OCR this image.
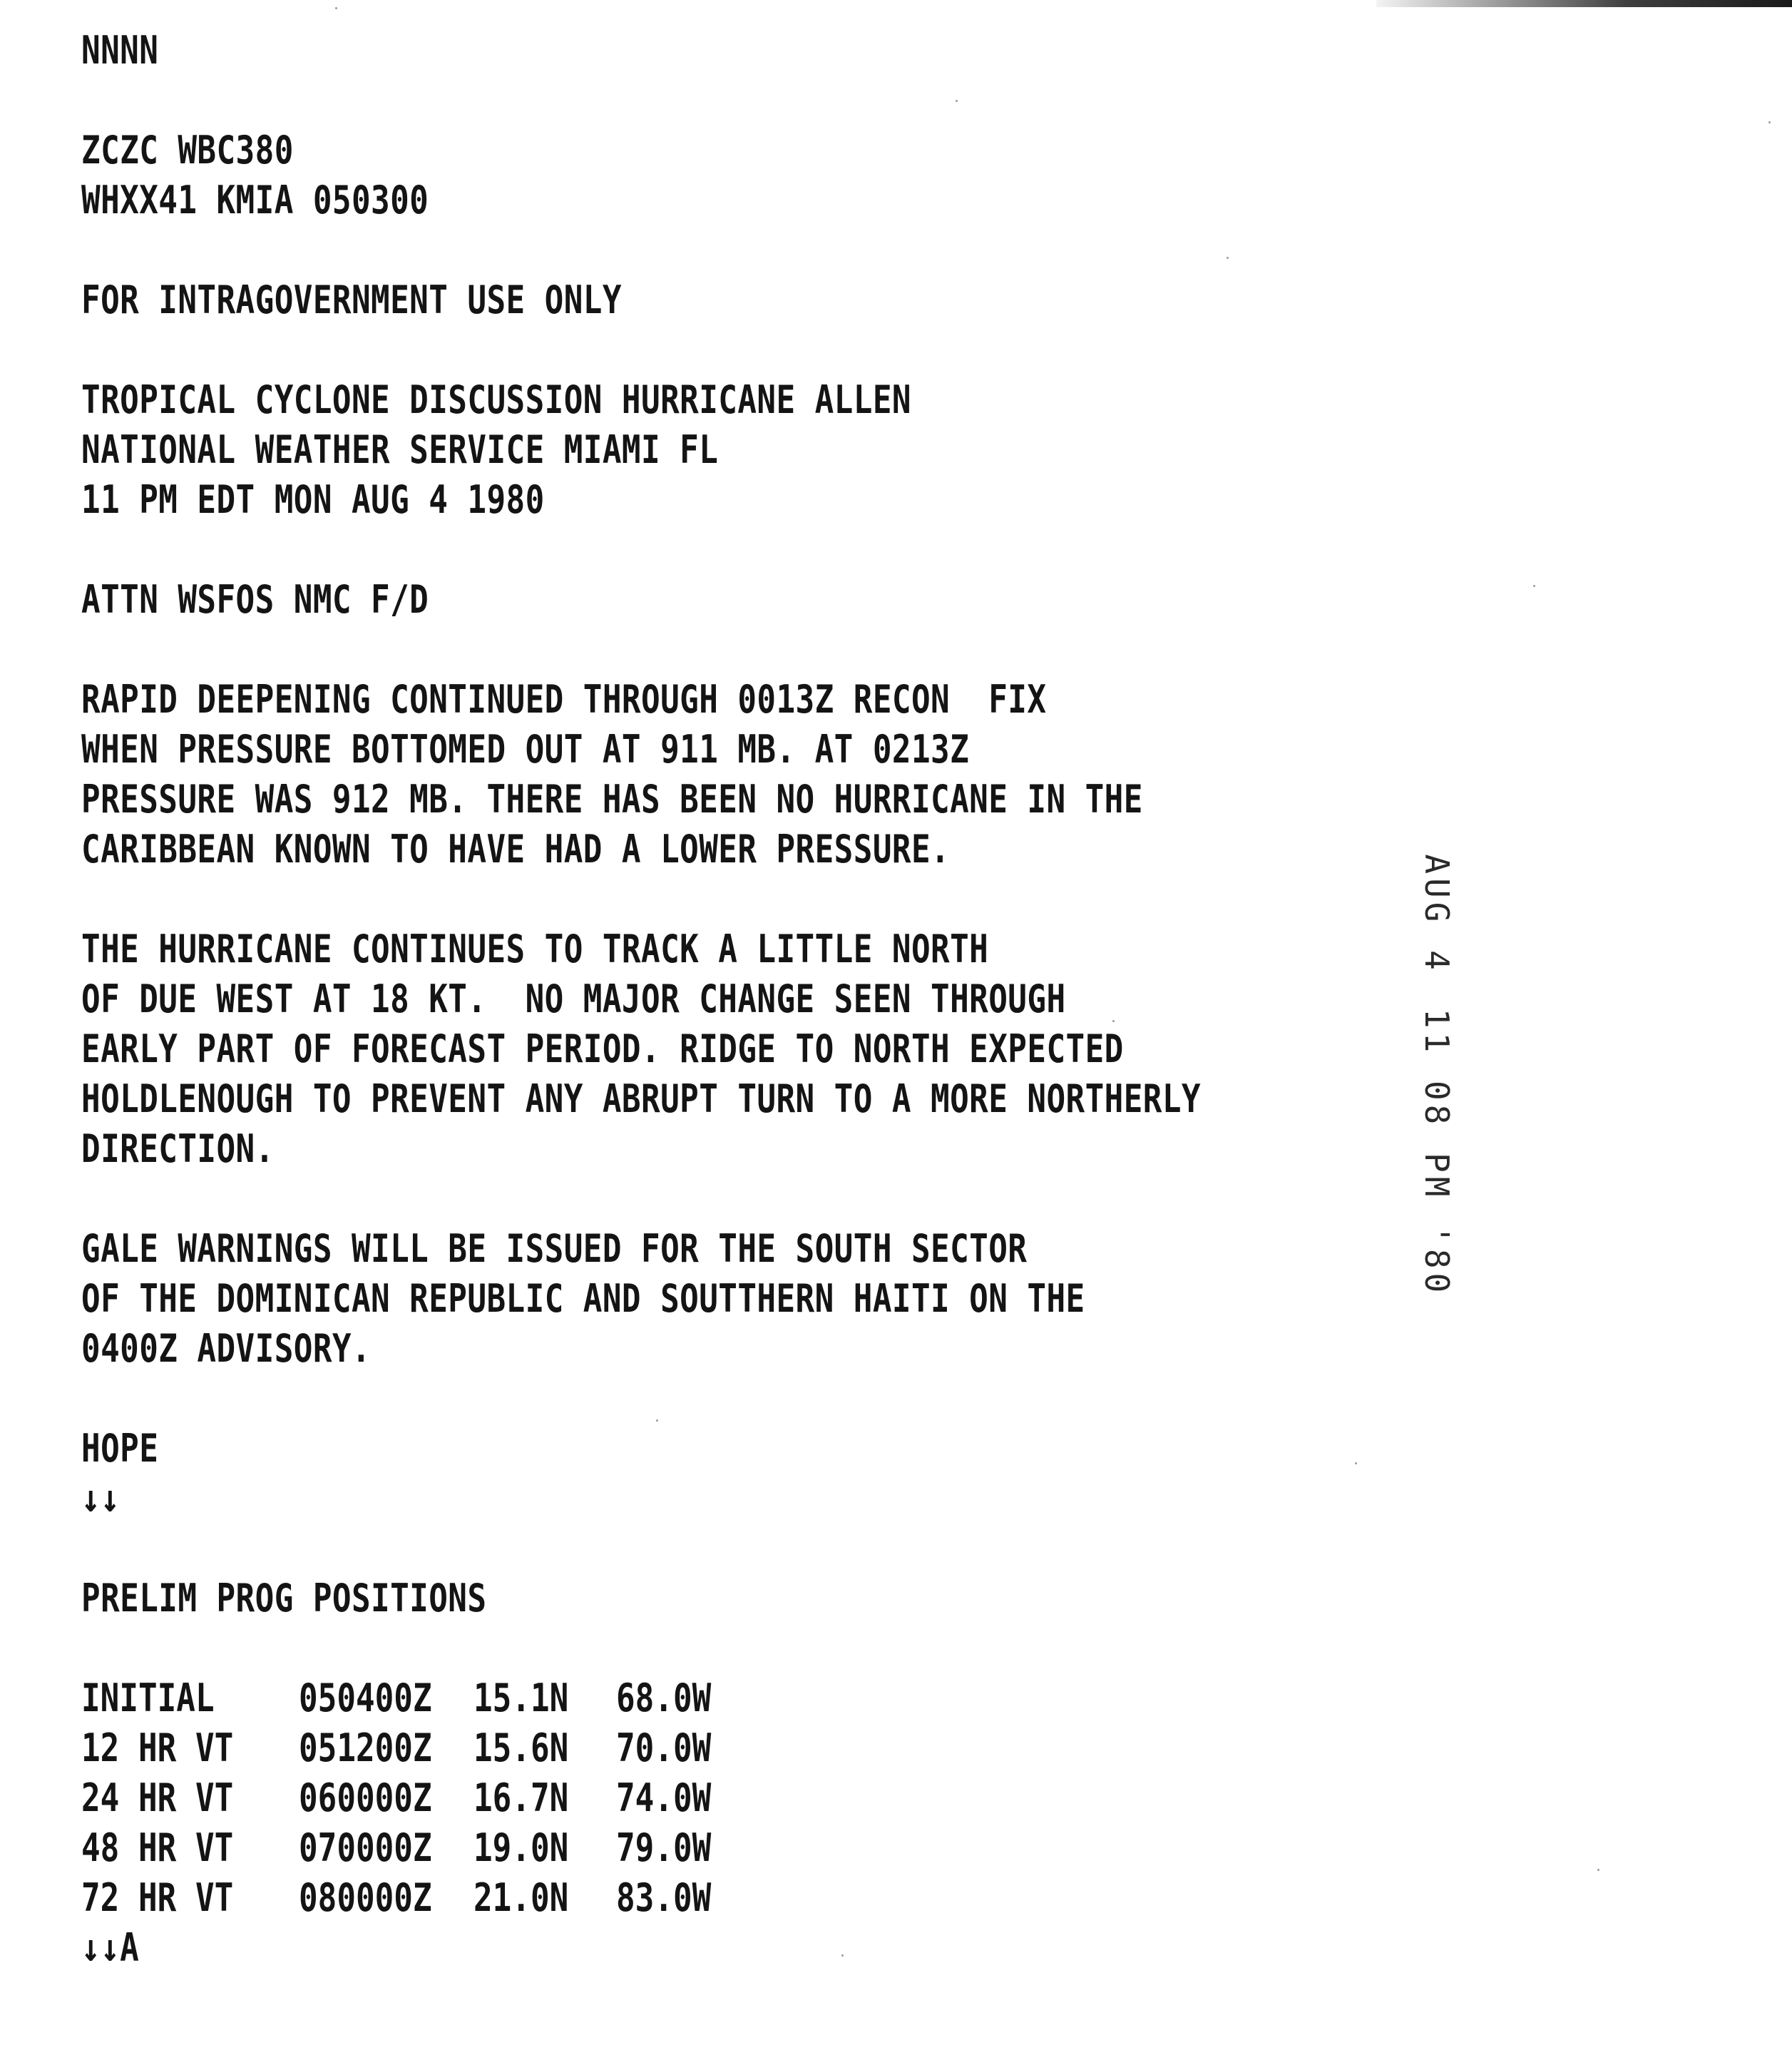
NNNN
ZCZC WBC380
WHXX41 KMIA 050300
FOR INTRAGOVERNMENT USE ONLY
TROPICAL CYCLONE DISCUSSION HURRICANE ALLEN
NATIONAL WEATHER SERVICE MIAMI FL
11 PM EDT MON AUG 4 1980
ATTN WSFOS NMC F/D
RAPID DEEPENING CONTINUED THROUGH 0013Z RECON  FIX
WHEN PRESSURE BOTTOMED OUT AT 911 MB. AT 0213Z
PRESSURE WAS 912 MB. THERE HAS BEEN NO HURRICANE IN THE
CARIBBEAN KNOWN TO HAVE HAD A LOWER PRESSURE.
THE HURRICANE CONTINUES TO TRACK A LITTLE NORTH
OF DUE WEST AT 18 KT.  NO MAJOR CHANGE SEEN THROUGH
EARLY PART OF FORECAST PERIOD. RIDGE TO NORTH EXPECTED
HOLDLENOUGH TO PREVENT ANY ABRUPT TURN TO A MORE NORTHERLY
DIRECTION.
GALE WARNINGS WILL BE ISSUED FOR THE SOUTH SECTOR
OF THE DOMINICAN REPUBLIC AND SOUTTHERN HAITI ON THE
0400Z ADVISORY.
HOPE
↓↓
PRELIM PROG POSITIONS
INITIAL 050400Z 15.1N 68.0W
12 HR VT 051200Z 15.6N 70.0W
24 HR VT 060000Z 16.7N 74.0W
48 HR VT 070000Z 19.0N 79.0W
72 HR VT 080000Z 21.0N 83.0W
↓↓A

AUG 411 08 PM '80
